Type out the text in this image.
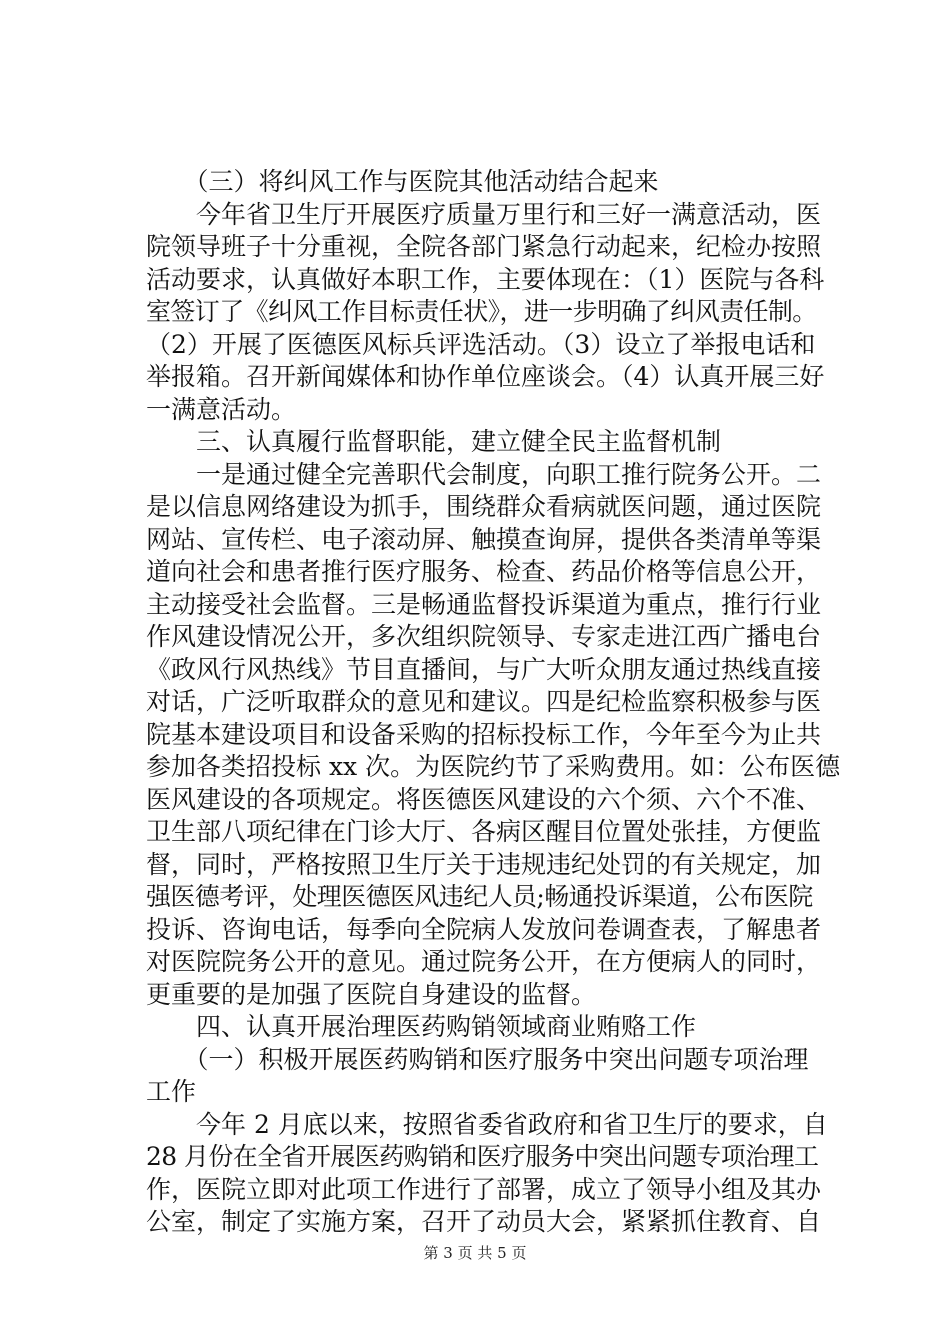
　　（三）将纠风工作与医院其他活动结合起来
　　今年省卫生厅开展医疗质量万里行和三好一满意活动，医
院领导班子十分重视，全院各部门紧急行动起来，纪检办按照
活动要求，认真做好本职工作，主要体现在：（1）医院与各科
室签订了《纠风工作目标责任状》，进一步明确了纠风责任制。
（2）开展了医德医风标兵评选活动。（3）设立了举报电话和
举报箱。召开新闻媒体和协作单位座谈会。（4）认真开展三好
一满意活动。
　　三、认真履行监督职能，建立健全民主监督机制
　　一是通过健全完善职代会制度，向职工推行院务公开。二
是以信息网络建设为抓手，围绕群众看病就医问题，通过医院
网站、宣传栏、电子滚动屏、触摸查询屏，提供各类清单等渠
道向社会和患者推行医疗服务、检查、药品价格等信息公开，
主动接受社会监督。三是畅通监督投诉渠道为重点，推行行业
作风建设情况公开，多次组织院领导、专家走进江西广播电台
《政风行风热线》节目直播间，与广大听众朋友通过热线直接
对话，广泛听取群众的意见和建议。四是纪检监察积极参与医
院基本建设项目和设备采购的招标投标工作，今年至今为止共
参加各类招投标 xx 次。为医院约节了采购费用。如：公布医德
医风建设的各项规定。将医德医风建设的六个须、六个不准、
卫生部八项纪律在门诊大厅、各病区醒目位置处张挂，方便监
督，同时，严格按照卫生厅关于违规违纪处罚的有关规定，加
强医德考评，处理医德医风违纪人员;畅通投诉渠道，公布医院
投诉、咨询电话，每季向全院病人发放问卷调查表，了解患者
对医院院务公开的意见。通过院务公开，在方便病人的同时，
更重要的是加强了医院自身建设的监督。
　　四、认真开展治理医药购销领域商业贿赂工作
　　（一）积极开展医药购销和医疗服务中突出问题专项治理
工作
　　今年 2 月底以来，按照省委省政府和省卫生厅的要求，自
28 月份在全省开展医药购销和医疗服务中突出问题专项治理工
作，医院立即对此项工作进行了部署，成立了领导小组及其办
公室，制定了实施方案，召开了动员大会，紧紧抓住教育、自
第 3 页 共 5 页
